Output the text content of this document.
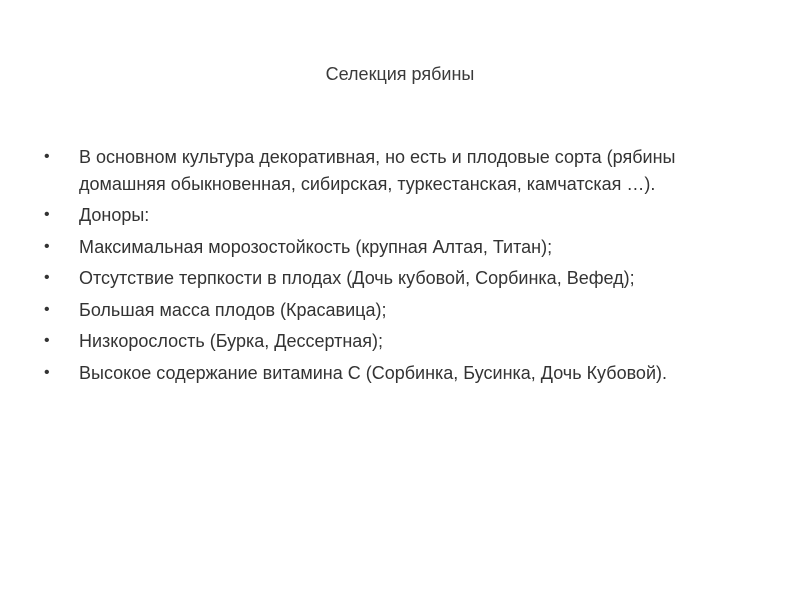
Селекция рябины
• В основном культура декоративная, но есть и плодовые сорта (рябины домашняя обыкновенная, сибирская, туркестанская, камчатская …).
• Доноры:
• Максимальная морозостойкость (крупная Алтая, Титан);
• Отсутствие терпкости в плодах (Дочь кубовой, Сорбинка, Вефед);
• Большая масса плодов (Красавица);
• Низкорослость (Бурка, Дессертная);
• Высокое содержание витамина С (Сорбинка, Бусинка, Дочь Кубовой).
